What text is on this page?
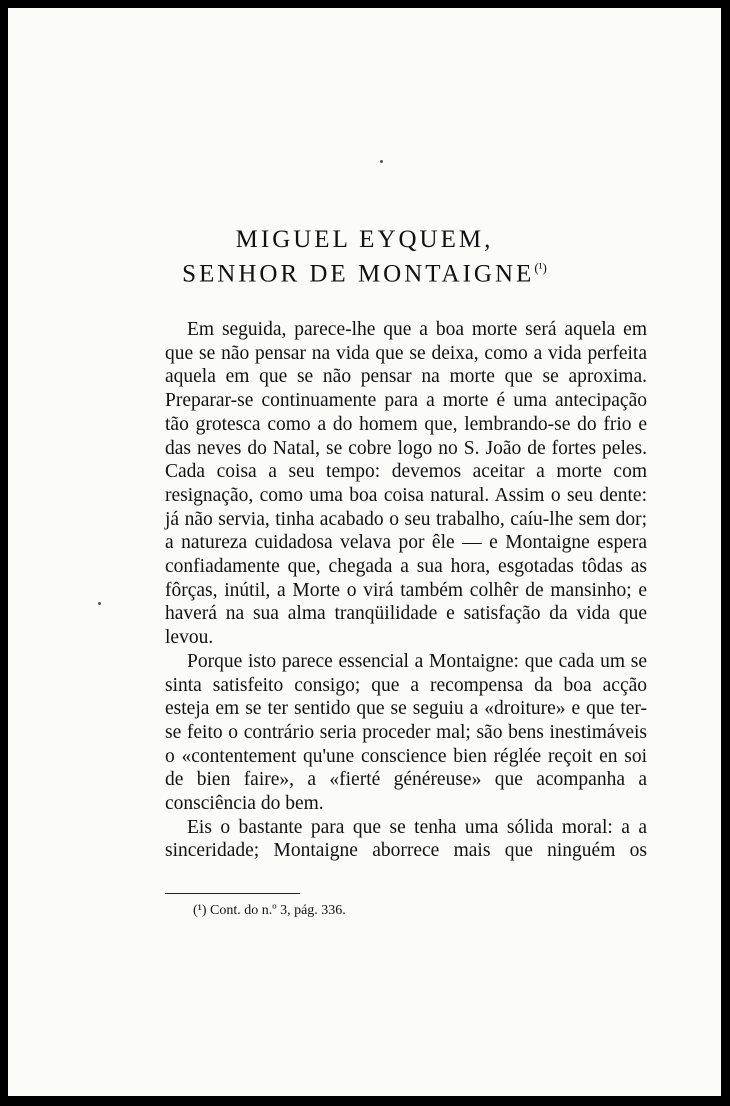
MIGUEL EYQUEM,
SENHOR DE $MONTAIGNE^{(^1)}$

Em seguida, parece-lhe que a boa morte será aquela em que se não pensar na vida que se deixa, como a vida perfeita aquela em que se não pensar na morte que se aproxima. Preparar-se continuamente para a morte é uma antecipação tão grotesca como a do homem que, lembrando-se do frio e das neves do Natal, se cobre logo no S. João de fortes peles. Cada coisa a seu tempo: devemos aceitar a morte com resignação, como uma boa coisa natural. Assim o seu dente: já não servia, tinha acabado o seu trabalho, caíu-lhe sem dor; a natureza cuidadosa velava por êle — e Montaigne espera confiadamente que, chegada a sua hora, esgotadas tôdas as fôrças, inútil, a Morte o virá também colhêr de mansinho; e haverá na sua alma tranqüilidade e satisfação da vida que levou.

Porque isto parece essencial a Montaigne: que cada um se sinta satisfeito consigo; que a recompensa da boa acção esteja em se ter sentido que se seguiu a «droiture» e que ter-se feito o contrário seria proceder mal; são bens inestimáveis o «contentement qu'une conscience bien réglée reçoit en soi de bien faire», a «fierté généreuse» que acompanha a consciência do bem.

Eis o bastante para que se tenha uma sólida moral: a a sinceridade; Montaigne aborrece mais que ninguém os

(¹) Cont. do n.º 3, pág. 336.
